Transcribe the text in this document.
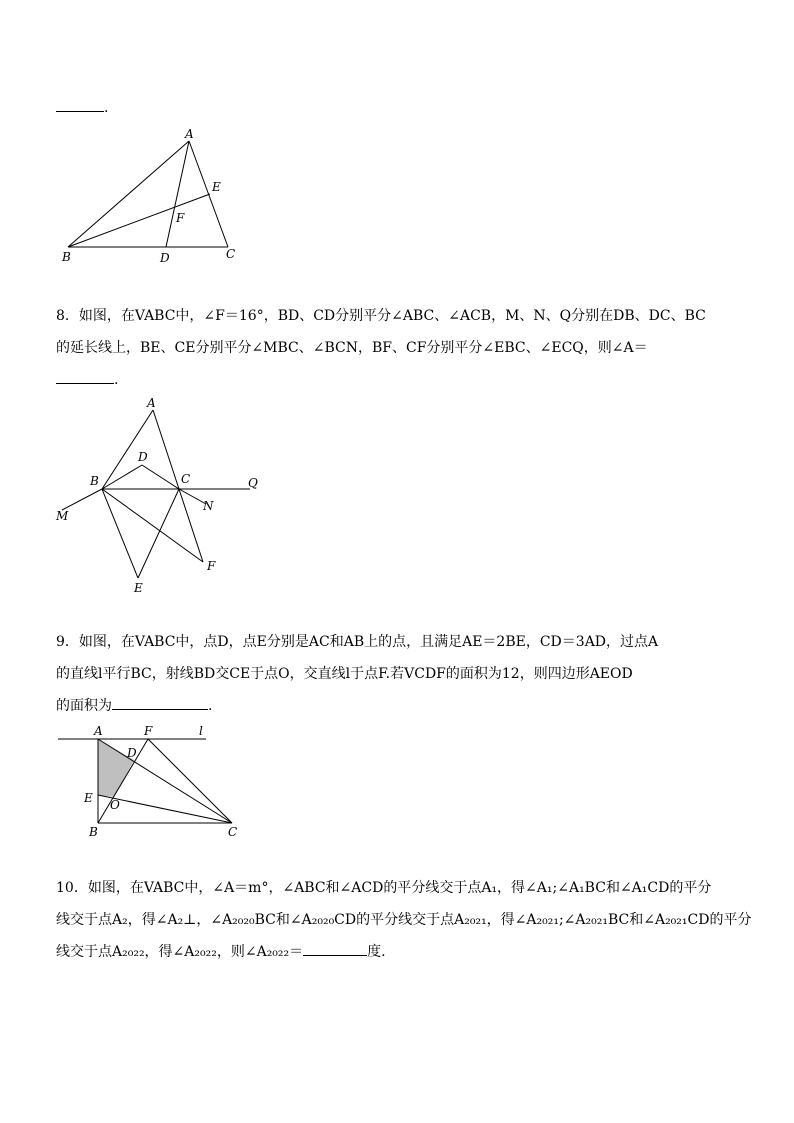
.
A
E
F
B	D	C
8．如图，在VABC中，∠F＝16°，BD、CD分别平分∠ABC、∠ACB，M、N、Q分别在DB、DC、BC
的延长线上，BE、CE分别平分∠MBC、∠BCN，BF、CF分别平分∠EBC、∠ECQ，则∠A＝
.
A
D
B	C	Q
M
N
F
E
9．如图，在VABC中，点D，点E分别是AC和AB上的点，且满足AE＝2BE，CD＝3AD，过点A
的直线l平行BC，射线BD交CE于点O，交直线l于点F.若VCDF的面积为12，则四边形AEOD
的面积为	.
A	F	l
D
E O
B	C
10．如图，在VABC中，∠A＝m°，∠ABC和∠ACD的平分线交于点A₁，得∠A₁;∠A₁BC和∠A₁CD的平分
线交于点A₂，得∠A₂⊥，∠A₂₀₂₀BC和∠A₂₀₂₀CD的平分线交于点A₂₀₂₁，得∠A₂₀₂₁;∠A₂₀₂₁BC和∠A₂₀₂₁CD的平分
线交于点A₂₀₂₂，得∠A₂₀₂₂，则∠A₂₀₂₂＝	度.
